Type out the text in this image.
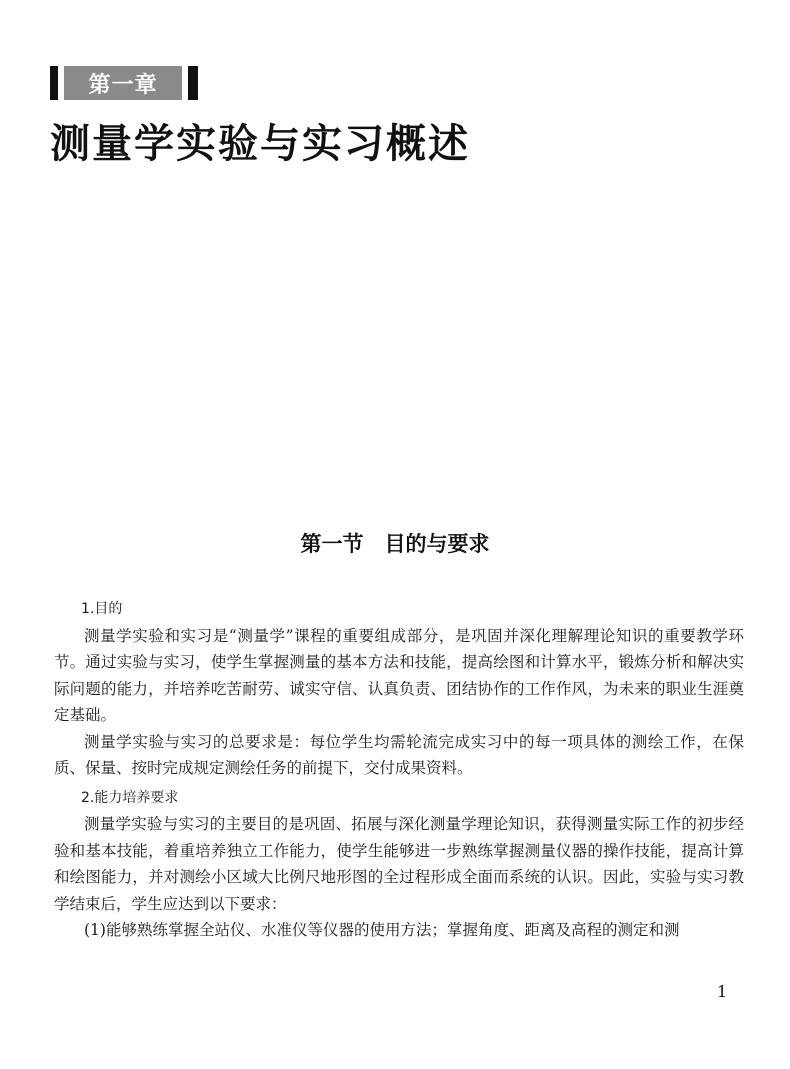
第一章
测量学实验与实习概述
第一节　目的与要求

1.目的

测量学实验和实习是“测量学”课程的重要组成部分，是巩固并深化理解理论知识的重要教学环节。通过实验与实习，使学生掌握测量的基本方法和技能，提高绘图和计算水平，锻炼分析和解决实际问题的能力，并培养吃苦耐劳、诚实守信、认真负责、团结协作的工作作风，为未来的职业生涯奠定基础。

测量学实验与实习的总要求是：每位学生均需轮流完成实习中的每一项具体的测绘工作，在保质、保量、按时完成规定测绘任务的前提下，交付成果资料。

2.能力培养要求

测量学实验与实习的主要目的是巩固、拓展与深化测量学理论知识，获得测量实际工作的初步经验和基本技能，着重培养独立工作能力，使学生能够进一步熟练掌握测量仪器的操作技能，提高计算和绘图能力，并对测绘小区域大比例尺地形图的全过程形成全面而系统的认识。因此，实验与实习教学结束后，学生应达到以下要求：

(1)能够熟练掌握全站仪、水准仪等仪器的使用方法；掌握角度、距离及高程的测定和测

1
